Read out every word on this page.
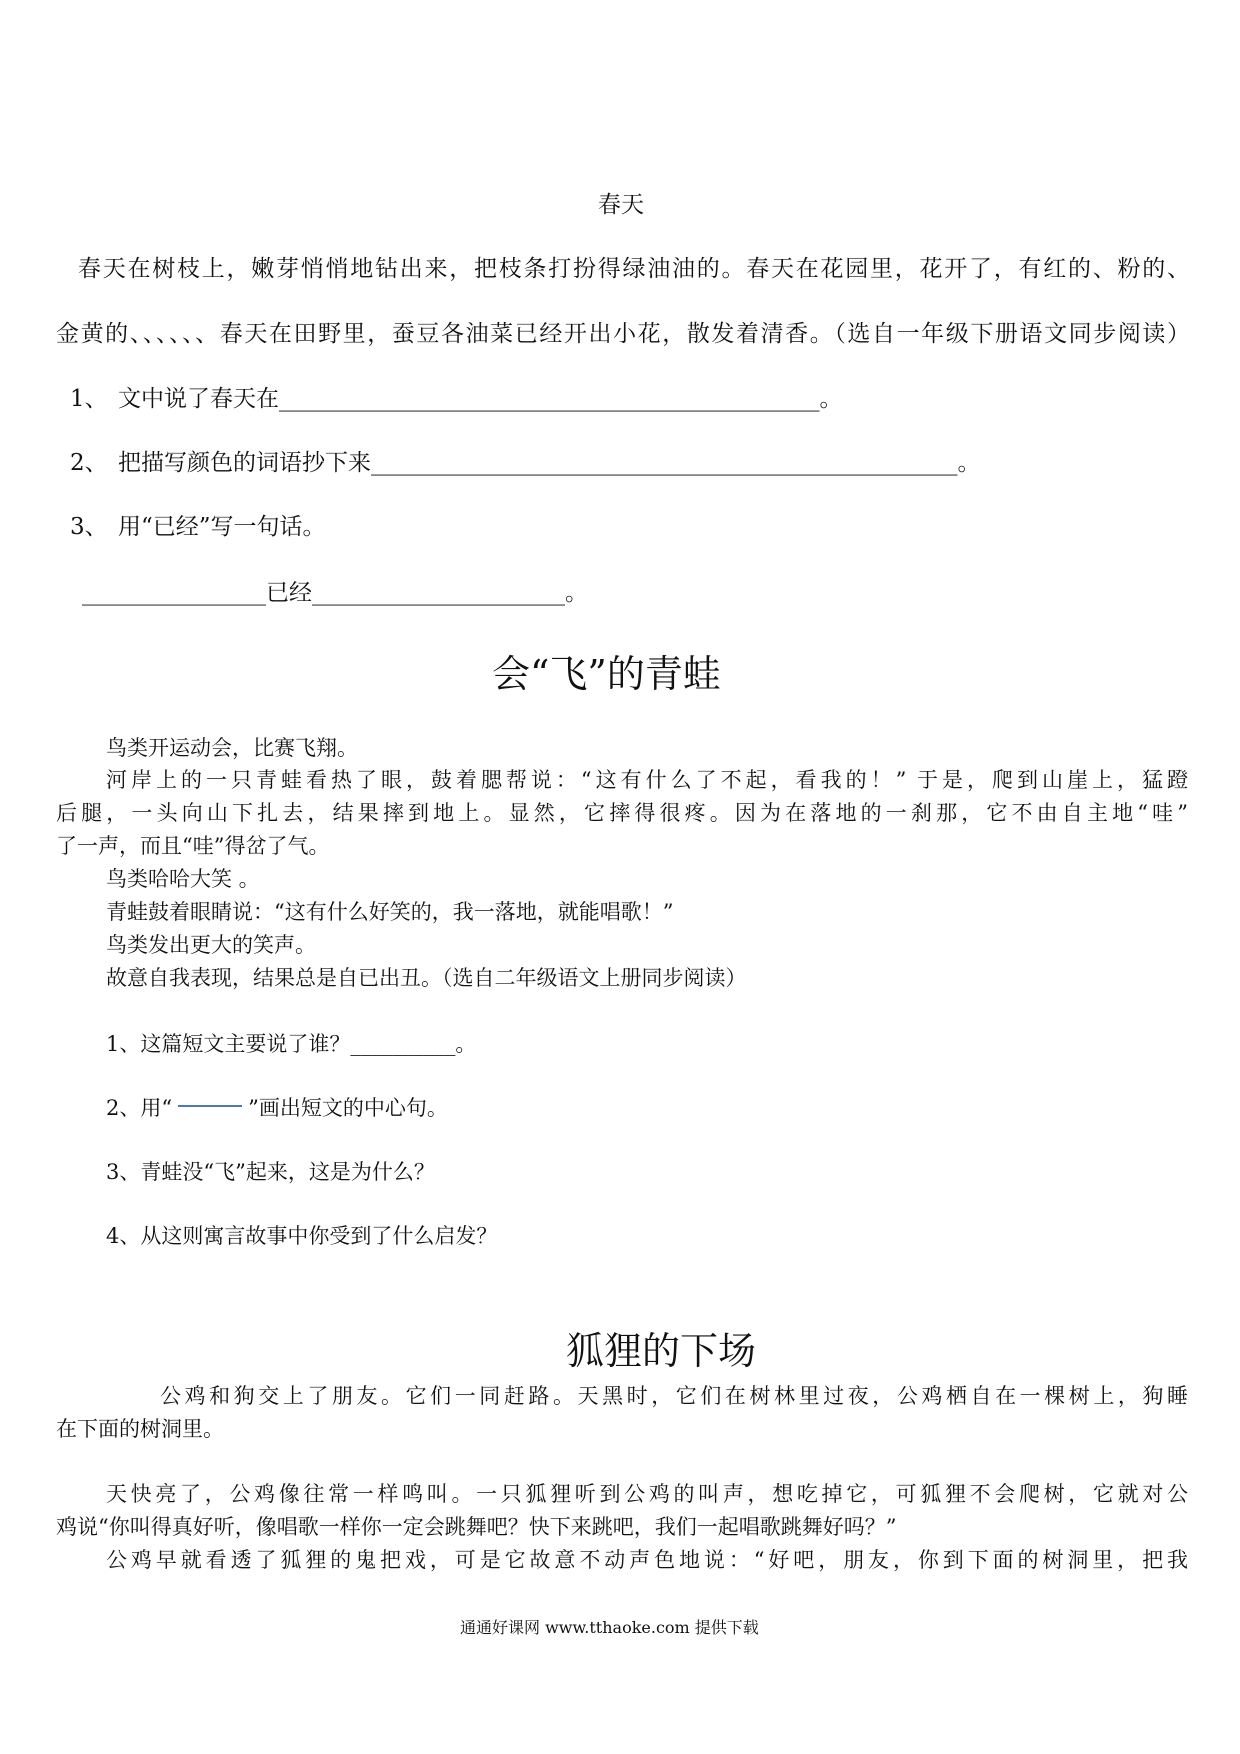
春天
春天在树枝上，嫩芽悄悄地钻出来，把枝条打扮得绿油油的。春天在花园里，花开了，有红的、粉的、
金黄的、、、、、、春天在田野里，蚕豆各油菜已经开出小花，散发着清香。（选自一年级下册语文同步阅读）
1、 文中说了春天在_______________________________________________。
2、 把描写颜色的词语抄下来___________________________________________________。
3、 用“已经”写一句话。
________________已经______________________。
会“飞”的青蛙
鸟类开运动会，比赛飞翔。
河岸上的一只青蛙看热了眼，鼓着腮帮说：“这有什么了不起，看我的！” 于是，爬到山崖上，猛蹬
后腿，一头向山下扎去，结果摔到地上。显然，它摔得很疼。因为在落地的一刹那，它不由自主地“哇”
了一声，而且“哇”得岔了气。
鸟类哈哈大笑 。
青蛙鼓着眼睛说：“这有什么好笑的，我一落地，就能唱歌！”
鸟类发出更大的笑声。
故意自我表现，结果总是自已出丑。（选自二年级语文上册同步阅读）
1、这篇短文主要说了谁？__________。
2、用“	”画出短文的中心句。
3、青蛙没“飞”起来，这是为什么？
4、从这则寓言故事中你受到了什么启发？
狐狸的下场
公鸡和狗交上了朋友。它们一同赶路。天黑时，它们在树林里过夜，公鸡栖自在一棵树上，狗睡
在下面的树洞里。
天快亮了，公鸡像往常一样鸣叫。一只狐狸听到公鸡的叫声，想吃掉它，可狐狸不会爬树，它就对公
鸡说“你叫得真好听，像唱歌一样你一定会跳舞吧？快下来跳吧，我们一起唱歌跳舞好吗？”
公鸡早就看透了狐狸的鬼把戏，可是它故意不动声色地说：“好吧，朋友，你到下面的树洞里，把我
通通好课网 www.tthaoke.com 提供下载
